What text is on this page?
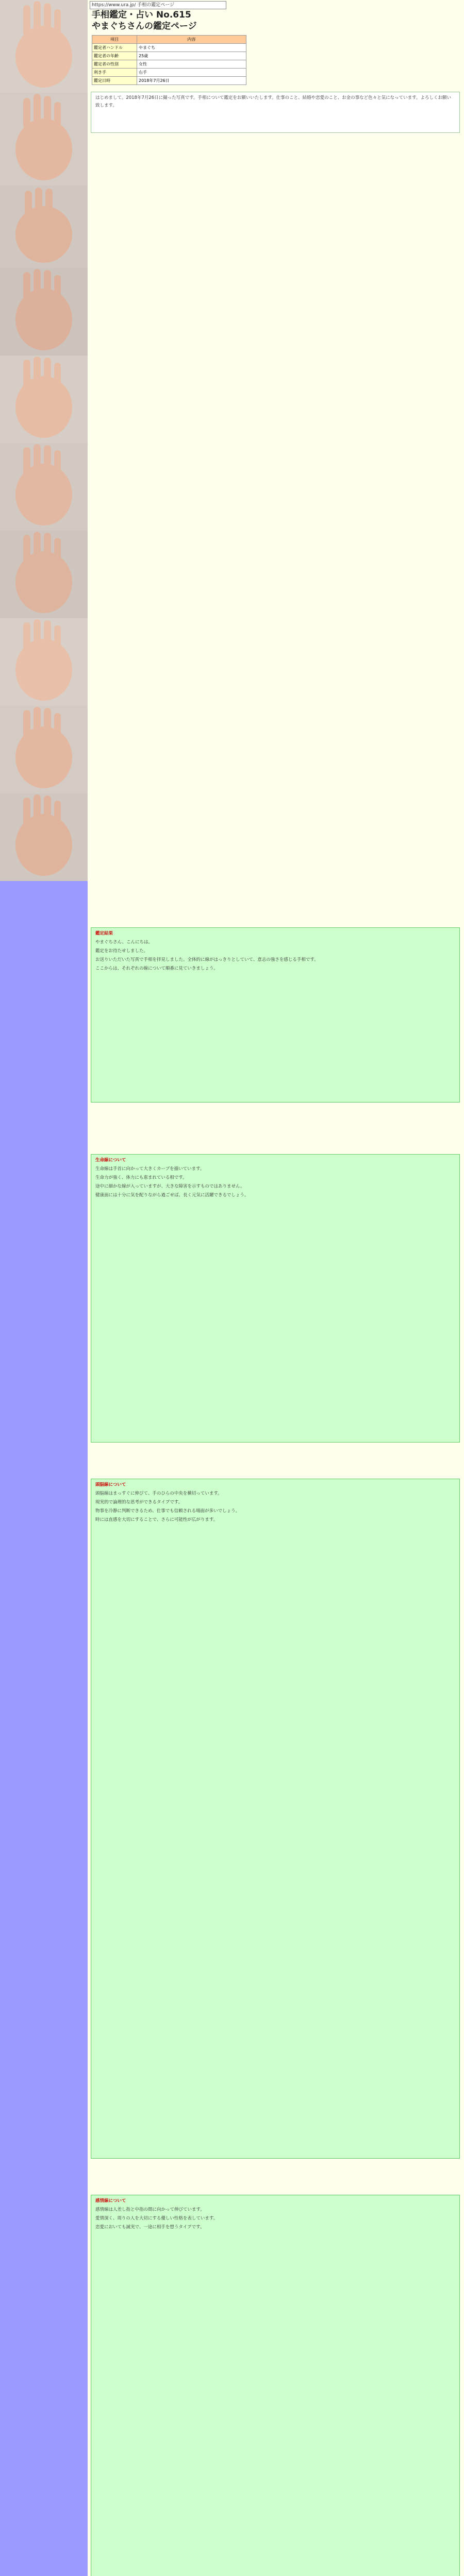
https://www.ura.jp/ 手相の鑑定ページ
手相鑑定・占い No.615
やまぐちさんの鑑定ページ
項目	内容
鑑定者ハンドル	やまぐち
鑑定者の年齢	25歳
鑑定者の性別	女性
利き手	右手
鑑定日時	2018年7月26日

はじめまして。2018年7月26日に撮った写真です。手相について鑑定をお願いいたします。仕事のこと、結婚や恋愛のこと、お金の事など色々と気になっています。よろしくお願い致します。

鑑定結果

やまぐちさん、こんにちは。

鑑定をお待たせしました。

お送りいただいた写真で手相を拝見しました。全体的に線がはっきりとしていて、意志の強さを感じる手相です。

ここからは、それぞれの線について順番に見ていきましょう。

生命線について

生命線は手首に向かって大きくカーブを描いています。

生命力が強く、体力にも恵まれている相です。

途中に細かな線が入っていますが、大きな障害を示すものではありません。

健康面には十分に気を配りながら過ごせば、長く元気に活躍できるでしょう。

頭脳線について

頭脳線はまっすぐに伸びて、手のひらの中央を横切っています。

現実的で論理的な思考ができるタイプです。

物事を冷静に判断できるため、仕事でも信頼される場面が多いでしょう。

時には直感を大切にすることで、さらに可能性が広がります。

感情線について

感情線は人差し指と中指の間に向かって伸びています。

愛情深く、周りの人を大切にする優しい性格を表しています。

恋愛においても誠実で、一途に相手を想うタイプです。
